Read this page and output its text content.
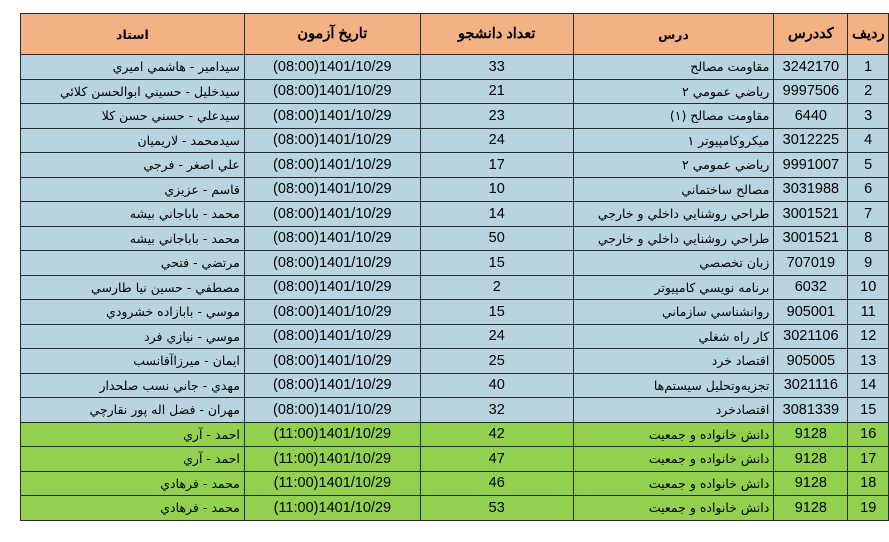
ردیف	کددرس	درس	تعداد دانشجو	تاریخ آزمون	استاد
1	3242170	مقاومت مصالح	33	1401/10/29(08:00)	سیدامیر - هاشمي اميري
2	9997506	رياضي عمومي ۲	21	1401/10/29(08:00)	سيدخليل - حسيني ابوالحسن كلائي
3	6440	مقاومت مصالح (۱)	23	1401/10/29(08:00)	سيدعلي - حسني حسن كلا
4	3012225	ميكروكامپيوتر ۱	24	1401/10/29(08:00)	سيدمحمد - لاريميان
5	9991007	رياضي عمومي ۲	17	1401/10/29(08:00)	علي اصغر - فرجي
6	3031988	مصالح ساختماني	10	1401/10/29(08:00)	قاسم - عزيزي
7	3001521	طراحي روشنايي داخلي و خارجي	14	1401/10/29(08:00)	محمد - باباجاني بيشه
8	3001521	طراحي روشنايي داخلي و خارجي	50	1401/10/29(08:00)	محمد - باباجاني بيشه
9	707019	زبان تخصصي	15	1401/10/29(08:00)	مرتضي - فتحي
10	6032	برنامه نويسي كامپيوتر	2	1401/10/29(08:00)	مصطفي - حسين نيا طارسي
11	905001	روانشناسي سازماني	15	1401/10/29(08:00)	موسي - بابازاده خشرودي
12	3021106	كار راه شغلي	24	1401/10/29(08:00)	موسي - نيازي فرد
13	905005	اقتصاد خرد	25	1401/10/29(08:00)	ايمان - ميرزاآقانسب
14	3021116	تجزيه‌وتحليل سيستم‌ها	40	1401/10/29(08:00)	مهدي - جاني نسب صلحدار
15	3081339	اقتصادخرد	32	1401/10/29(08:00)	مهران - فضل اله پور نقارچي
16	9128	دانش خانواده و جمعيت	42	1401/10/29(11:00)	احمد - آري
17	9128	دانش خانواده و جمعيت	47	1401/10/29(11:00)	احمد - آري
18	9128	دانش خانواده و جمعيت	46	1401/10/29(11:00)	محمد - فرهادي
19	9128	دانش خانواده و جمعيت	53	1401/10/29(11:00)	محمد - فرهادي
